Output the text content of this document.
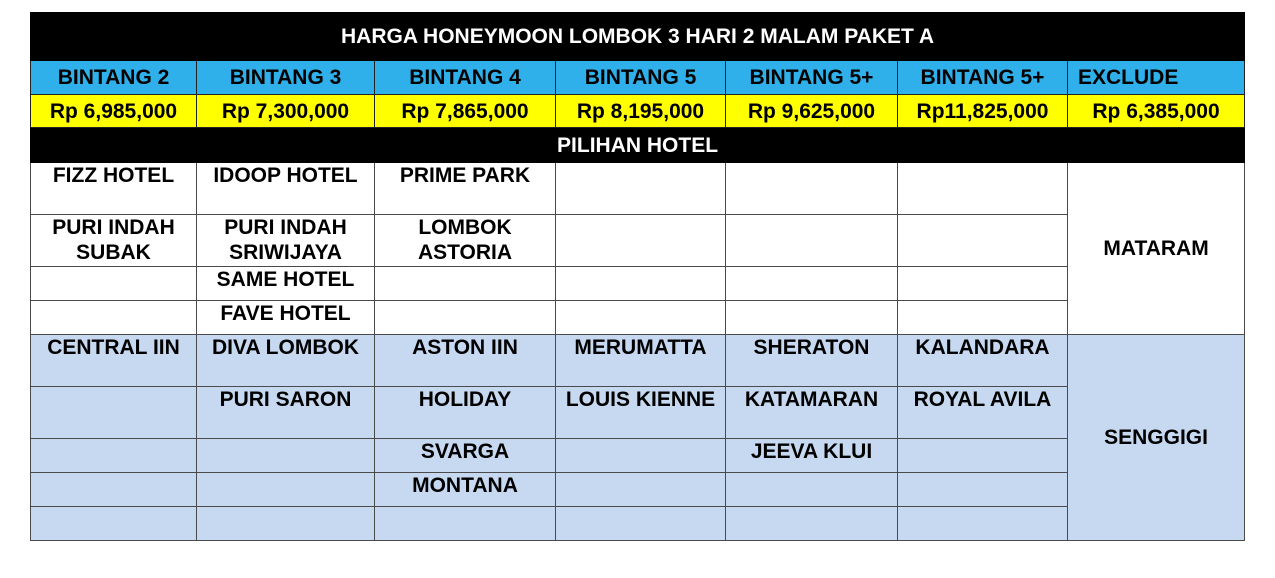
HARGA HONEYMOON LOMBOK 3 HARI 2 MALAM PAKET A						
BINTANG 2	BINTANG 3	BINTANG 4	BINTANG 5	BINTANG 5+	BINTANG 5+	EXCLUDE
Rp 6,985,000	Rp 7,300,000	Rp 7,865,000	Rp 8,195,000	Rp 9,625,000	Rp11,825,000	Rp 6,385,000
PILIHAN HOTEL						
FIZZ HOTEL	IDOOP HOTEL	PRIME PARK				MATARAM
PURI INDAH SUBAK	PURI INDAH SRIWIJAYA	LOMBOK ASTORIA				
	SAME HOTEL					
	FAVE HOTEL					
CENTRAL IIN	DIVA LOMBOK	ASTON IIN	MERUMATTA	SHERATON	KALANDARA	SENGGIGI
	PURI SARON	HOLIDAY	LOUIS KIENNE	KATAMARAN	ROYAL AVILA	
		SVARGA		JEEVA KLUI		
		MONTANA				
